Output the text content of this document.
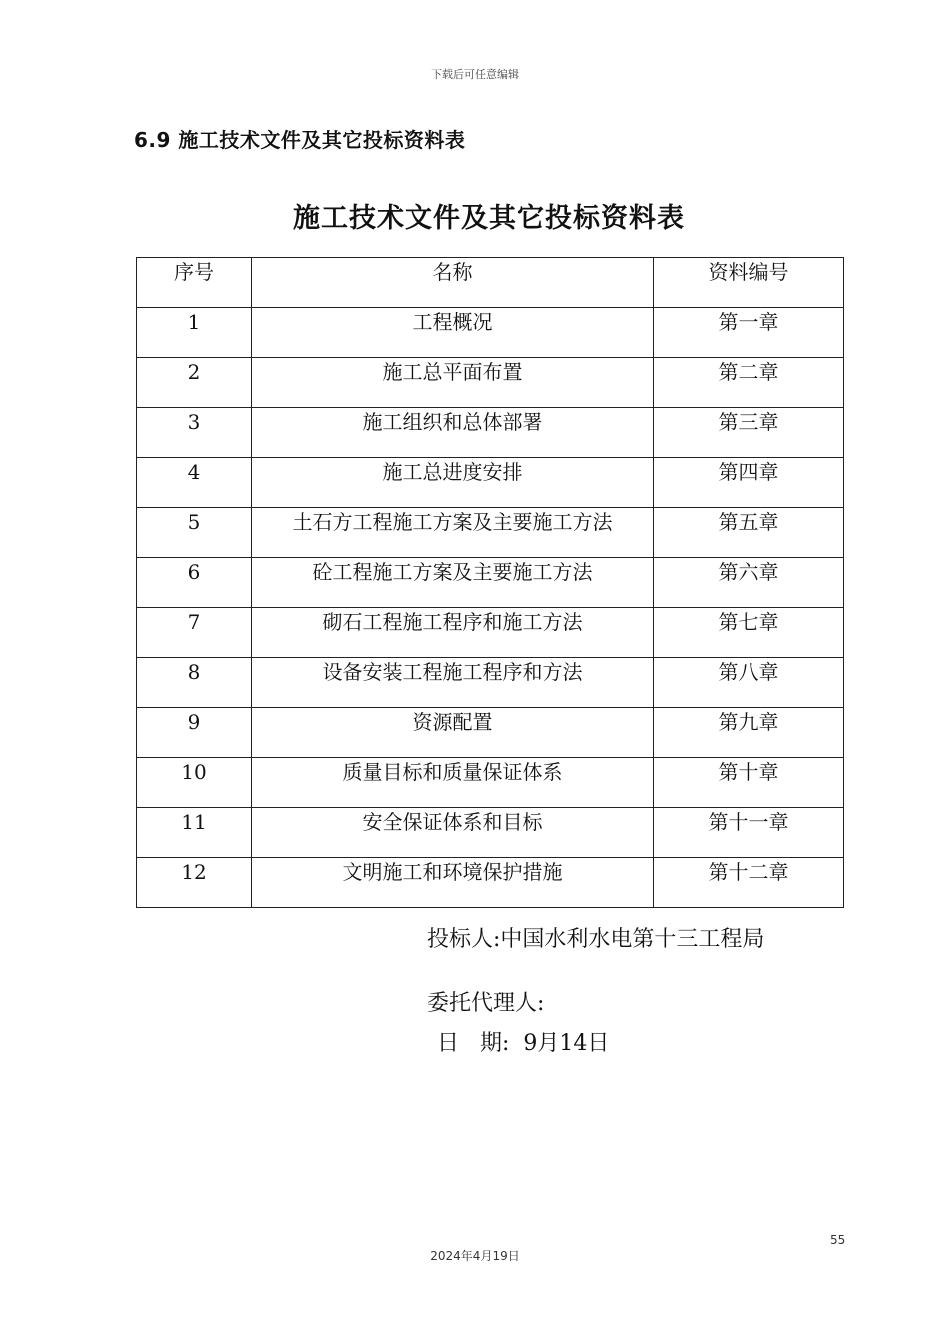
下载后可任意编辑
6.9 施工技术文件及其它投标资料表
施工技术文件及其它投标资料表
序号	名称	资料编号
1	工程概况	第一章
2	施工总平面布置	第二章
3	施工组织和总体部署	第三章
4	施工总进度安排	第四章
5	土石方工程施工方案及主要施工方法	第五章
6	砼工程施工方案及主要施工方法	第六章
7	砌石工程施工程序和施工方法	第七章
8	设备安装工程施工程序和方法	第八章
9	资源配置	第九章
10	质量目标和质量保证体系	第十章
11	安全保证体系和目标	第十一章
12	文明施工和环境保护措施	第十二章
投标人:中国水利水电第十三工程局
委托代理人:
日   期:  9月14日
55
2024年4月19日
